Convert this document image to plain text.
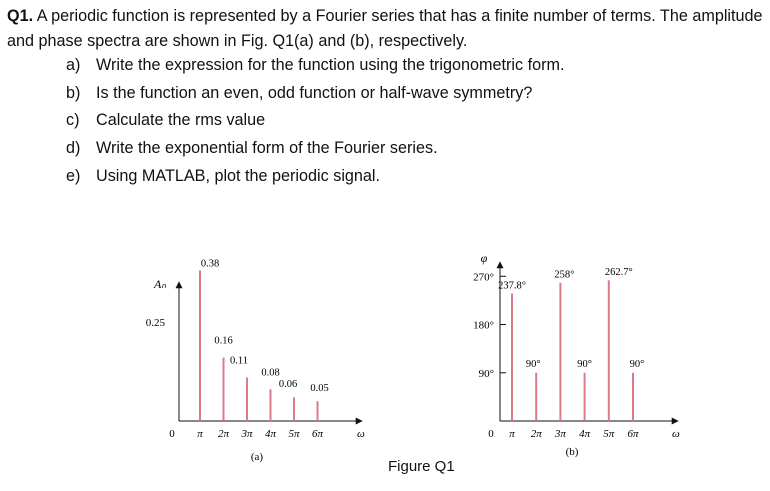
Q1. A periodic function is represented by a Fourier series that has a finite number of terms. The amplitude and phase spectra are shown in Fig. Q1(a) and (b), respectively.
a) Write the expression for the function using the trigonometric form.
b) Is the function an even, odd function or half-wave symmetry?
c) Calculate the rms value
d) Write the exponential form of the Fourier series.
e) Using MATLAB, plot the periodic signal.
Aₙ
ω
0
0.25
π
0.38
2π
0.16
3π
0.11
4π
0.08
5π
0.06
6π
0.05
(a)
φ
ω
0
90°
180°
270°
π
237.8°
2π
90°
3π
258°
4π
90°
5π
262.7°
6π
90°
(b)
Figure Q1
